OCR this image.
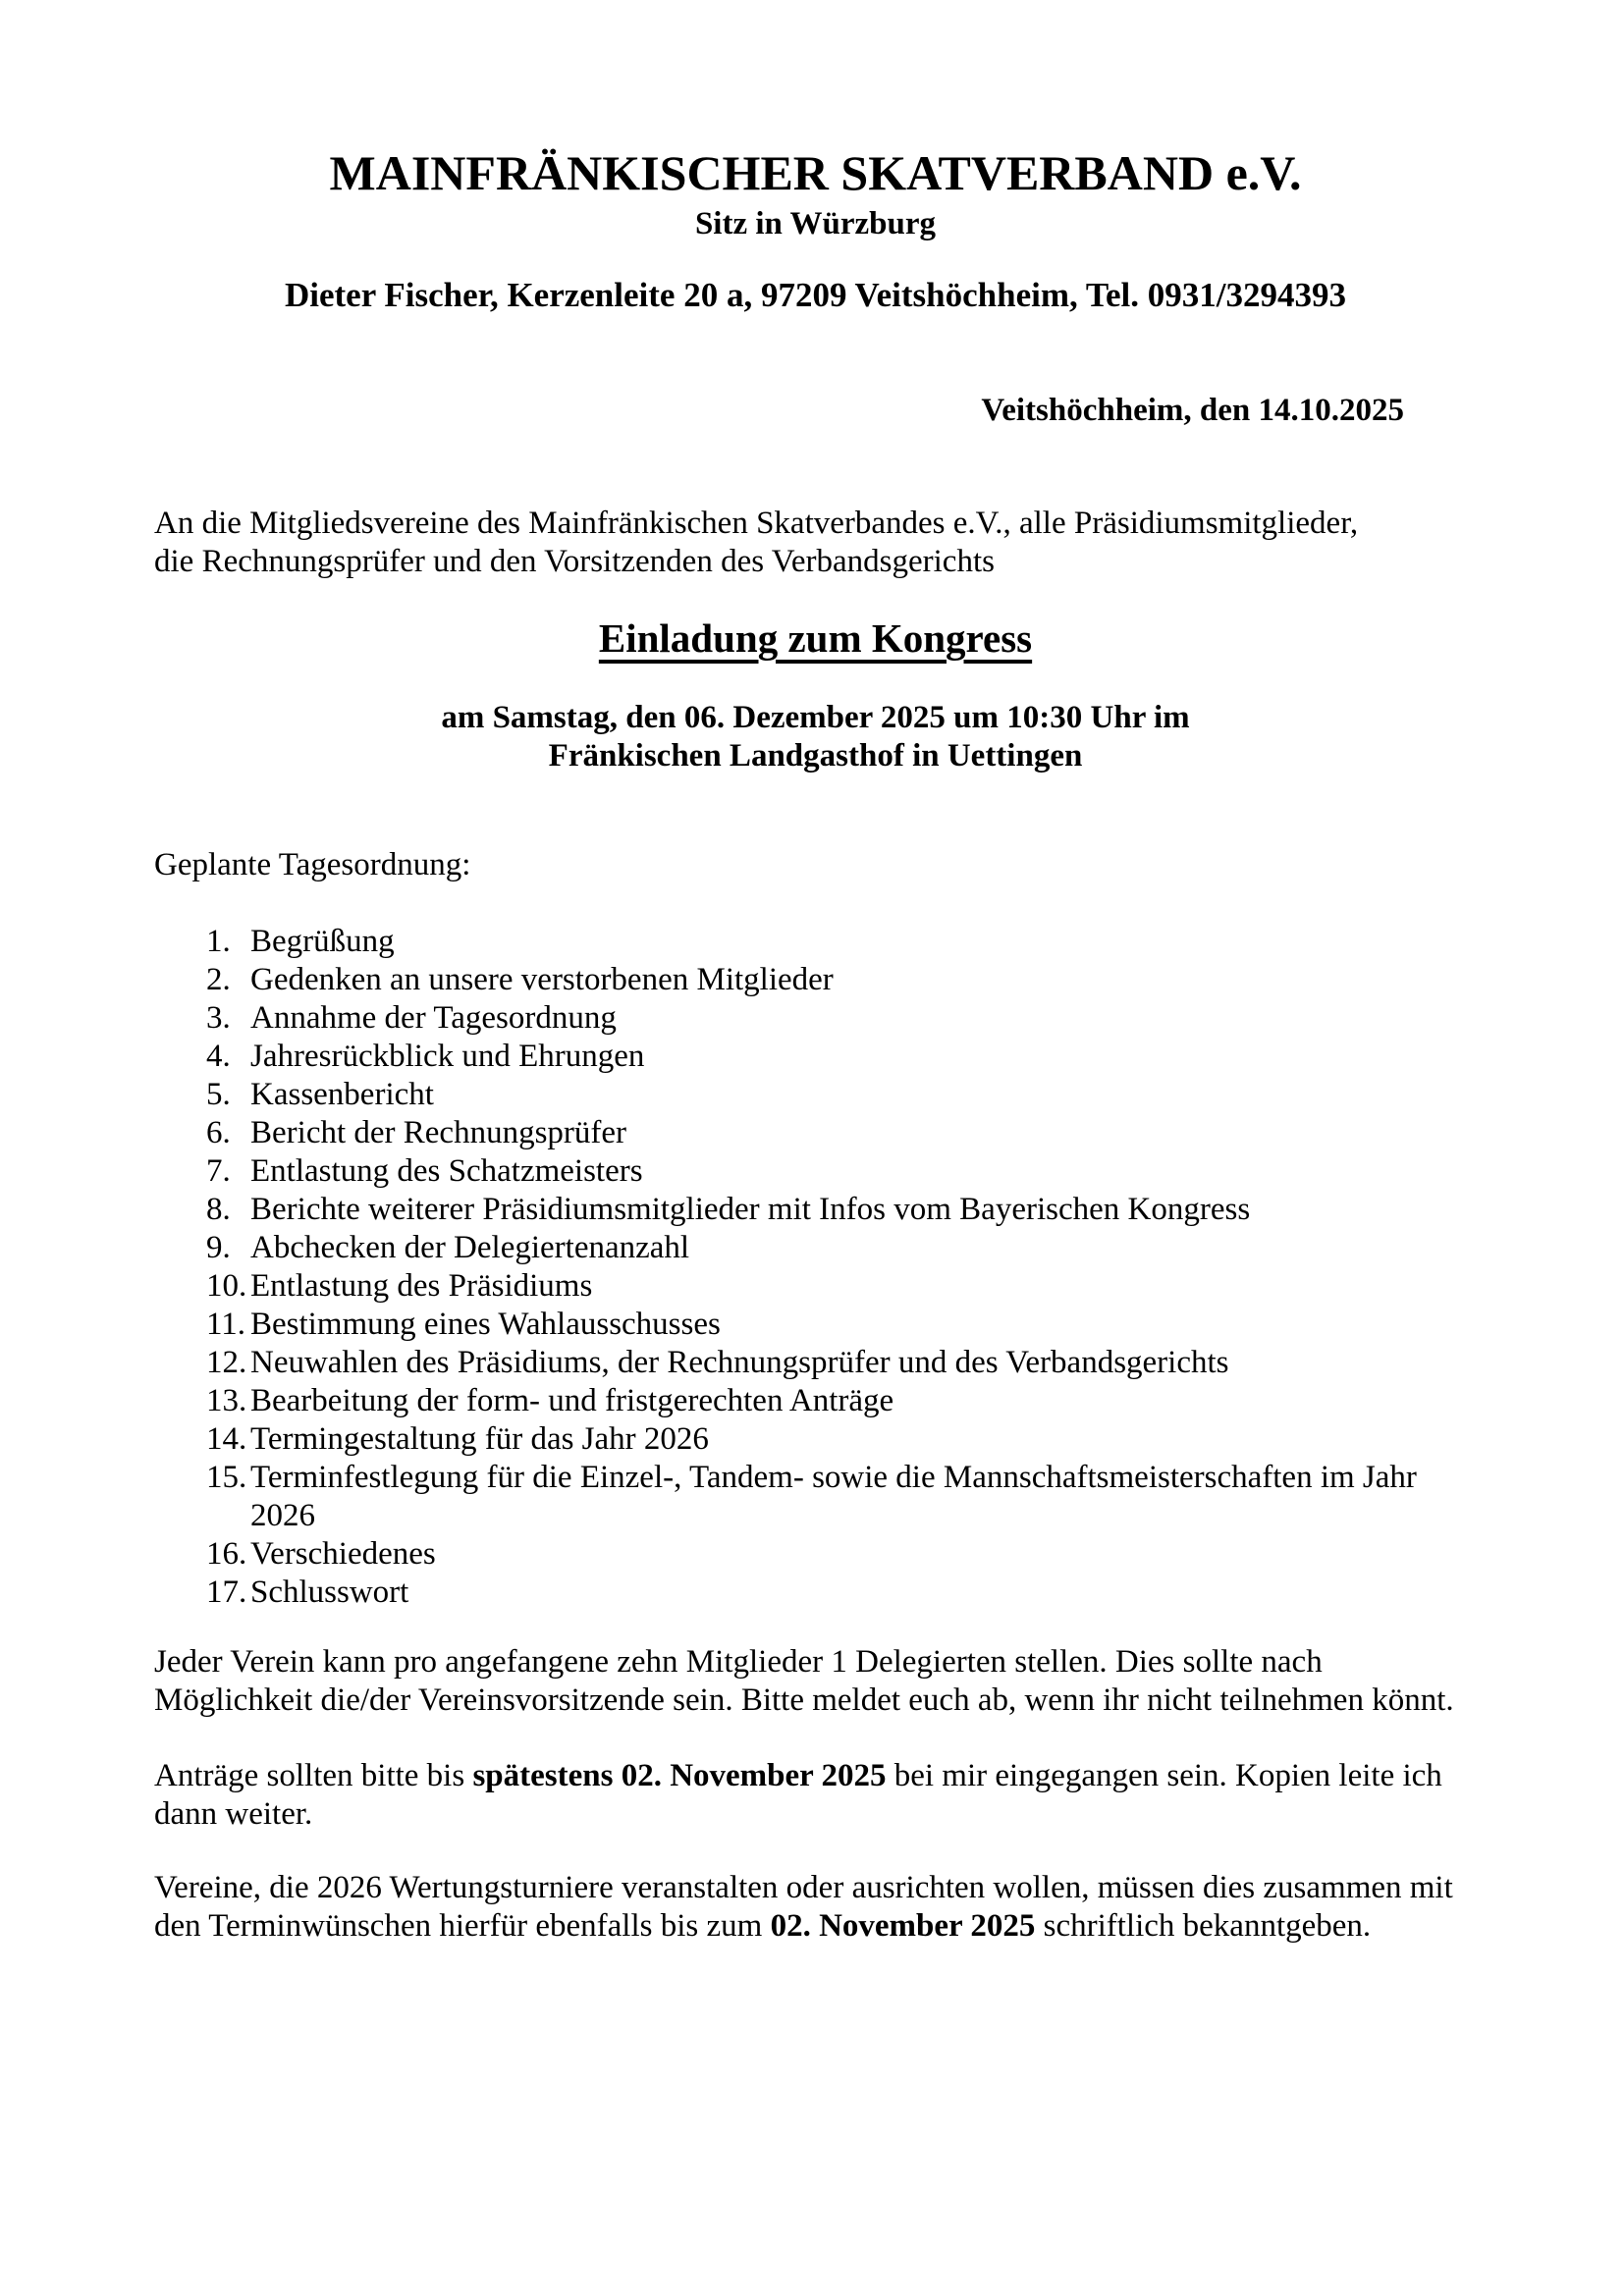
MAINFRÄNKISCHER SKATVERBAND e.V.
Sitz in Würzburg
Dieter Fischer, Kerzenleite 20 a, 97209 Veitshöchheim, Tel. 0931/3294393
Veitshöchheim, den 14.10.2025
An die Mitgliedsvereine des Mainfränkischen Skatverbandes e.V., alle Präsidiumsmitglieder,
die Rechnungsprüfer und den Vorsitzenden des Verbandsgerichts
Einladung zum Kongress
am Samstag, den 06. Dezember 2025 um 10:30 Uhr im
Fränkischen Landgasthof in Uettingen
Geplante Tagesordnung:
1. Begrüßung
2. Gedenken an unsere verstorbenen Mitglieder
3. Annahme der Tagesordnung
4. Jahresrückblick und Ehrungen
5. Kassenbericht
6. Bericht der Rechnungsprüfer
7. Entlastung des Schatzmeisters
8. Berichte weiterer Präsidiumsmitglieder mit Infos vom Bayerischen Kongress
9. Abchecken der Delegiertenanzahl
10. Entlastung des Präsidiums
11. Bestimmung eines Wahlausschusses
12. Neuwahlen des Präsidiums, der Rechnungsprüfer und des Verbandsgerichts
13. Bearbeitung der form- und fristgerechten Anträge
14. Termingestaltung für das Jahr 2026
15. Terminfestlegung für die Einzel-, Tandem- sowie die Mannschaftsmeisterschaften im Jahr 2026
16. Verschiedenes
17. Schlusswort
Jeder Verein kann pro angefangene zehn Mitglieder 1 Delegierten stellen. Dies sollte nach
Möglichkeit die/der Vereinsvorsitzende sein. Bitte meldet euch ab, wenn ihr nicht teilnehmen könnt.
Anträge sollten bitte bis spätestens 02. November 2025 bei mir eingegangen sein. Kopien leite ich
dann weiter.
Vereine, die 2026 Wertungsturniere veranstalten oder ausrichten wollen, müssen dies zusammen mit
den Terminwünschen hierfür ebenfalls bis zum 02. November 2025 schriftlich bekanntgeben.
